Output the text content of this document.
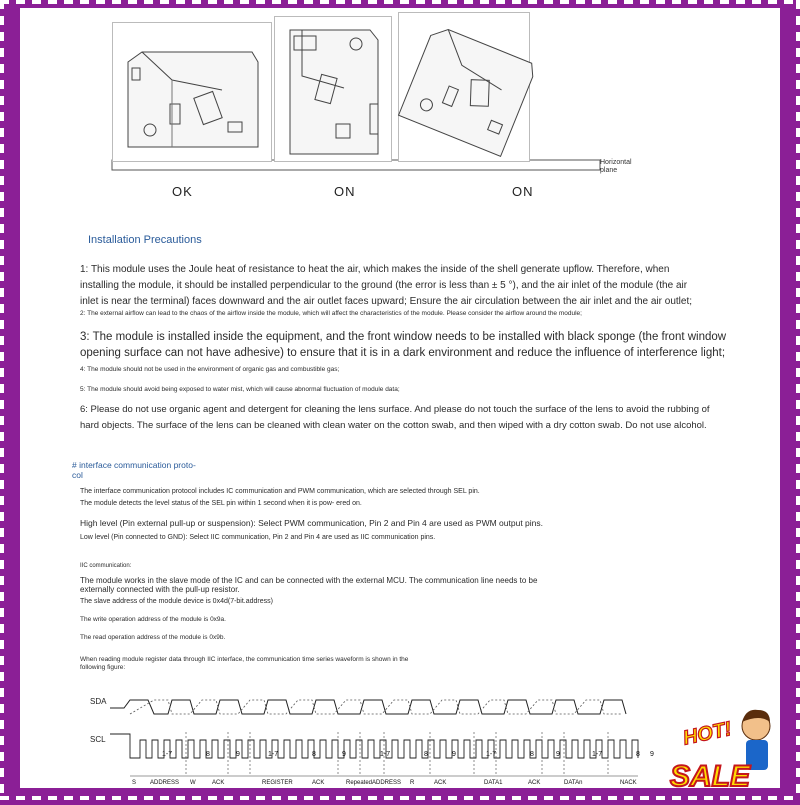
OK	ON	ON
Horizontal plane
Installation Precautions
1: This module uses the Joule heat of resistance to heat the air, which makes the inside of the shell generate upflow. Therefore, when installing the module, it should be installed perpendicular to the ground (the error is less than ± 5 °), and the air inlet of the module (the air inlet is near the terminal) faces downward and the air outlet faces upward; Ensure the air circulation between the air inlet and the air outlet;
2: The external airflow can lead to the chaos of the airflow inside the module, which will affect the characteristics of the module. Please consider the airflow around the module;
3: The module is installed inside the equipment, and the front window needs to be installed with black sponge (the front window opening surface can not have adhesive) to ensure that it is in a dark environment and reduce the influence of interference light;
4: The module should not be used in the environment of organic gas and combustible gas;
5: The module should avoid being exposed to water mist, which will cause abnormal fluctuation of module data;
6: Please do not use organic agent and detergent for cleaning the lens surface. And please do not touch the surface of the lens to avoid the rubbing of hard objects. The surface of the lens can be cleaned with clean water on the cotton swab, and then wiped with a dry cotton swab. Do not use alcohol.
# interface communication proto- col
The interface communication protocol includes IC communication and PWM communication, which are selected through SEL pin.
The module detects the level status of the SEL pin within 1 second when it is pow- ered on.
High level (Pin external pull-up or suspension): Select PWM communication, Pin 2 and Pin 4 are used as PWM output pins.
Low level (Pin connected to GND): Select IIC communication, Pin 2 and Pin 4 are used as IIC communication pins.
IIC communication:
The module works in the slave mode of the IC and can be connected with the external MCU. The communication line needs to be externally connected with the pull-up resistor.
The slave address of the module device is 0x4d(7-bit.address)
The write operation address of the module is 0x9a.
The read operation address of the module is 0x9b.
When reading module register data through IIC interface, the communication time series waveform is shown in the following figure:
SDA
SCL
1-7	8	9	1-7	8	9	1-7	8	9	1-7	8	9	1-7	8 9
S ADDRESS W	ACK	REGISTER	ACK	Repeated ADDRESS R	ACK	DATA1	ACK	DATAn	NACK
HOT!
SALE
